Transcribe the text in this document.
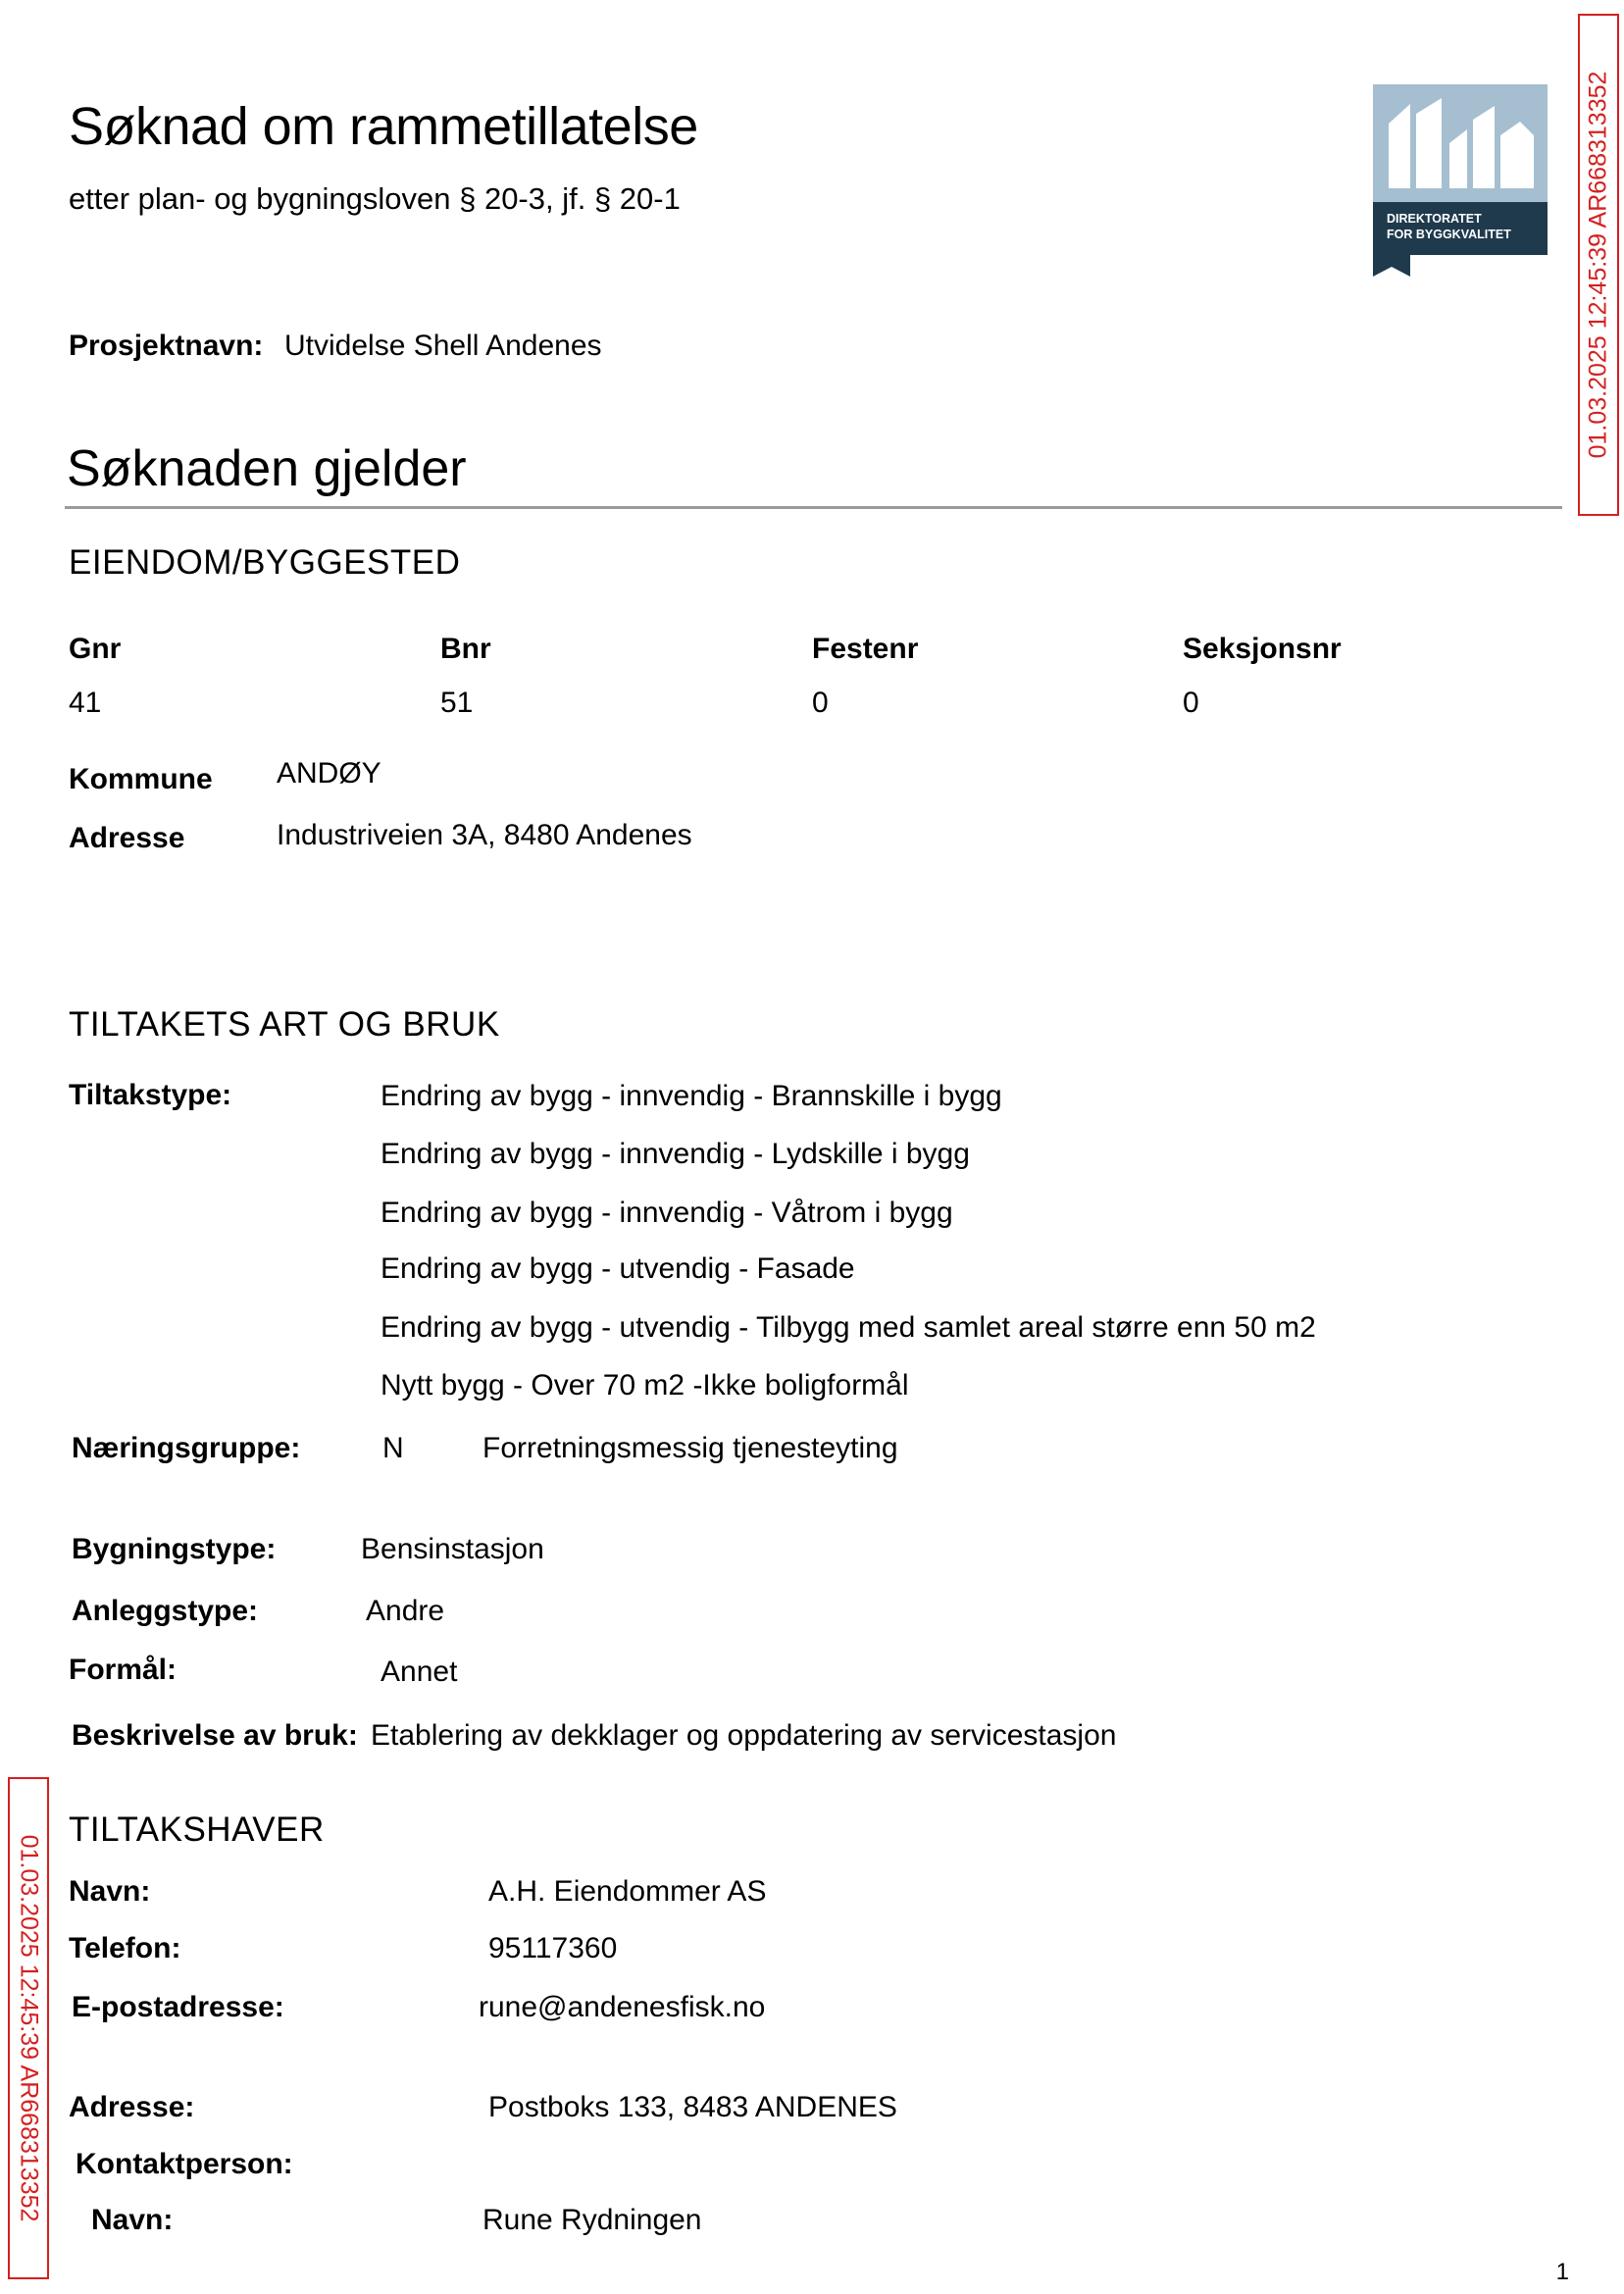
Søknad om rammetillatelse
etter plan- og bygningsloven § 20-3, jf. § 20-1
DIREKTORATET
FOR BYGGKVALITET	01.03.2025 12:45:39 AR668313352
01.03.2025 12:45:39 AR668313352
Prosjektnavn: Utvidelse Shell Andenes
Søknaden gjelder
EIENDOM/BYGGESTED
Gnr	Bnr	Festenr	Seksjonsnr
41	51	0	0
Kommune ANDØY
Adresse	Industriveien 3A, 8480 Andenes
TILTAKETS ART OG BRUK
Tiltakstype:	Endring av bygg - innvendig - Brannskille i bygg
Endring av bygg - innvendig - Lydskille i bygg
Endring av bygg - innvendig - Våtrom i bygg
Endring av bygg - utvendig - Fasade
Endring av bygg - utvendig - Tilbygg med samlet areal større enn 50 m2
Nytt bygg - Over 70 m2 -Ikke boligformål
Næringsgruppe:	N	Forretningsmessig tjenesteyting
Bygningstype:	Bensinstasjon
Anleggstype:	Andre
Formål:	Annet
Beskrivelse av bruk: Etablering av dekklager og oppdatering av servicestasjon
TILTAKSHAVER
Navn:	A.H. Eiendommer AS
Telefon:	95117360
E-postadresse:	rune@andenesfisk.no
Adresse:	Postboks 133, 8483 ANDENES
Kontaktperson:
Navn:	Rune Rydningen
1
